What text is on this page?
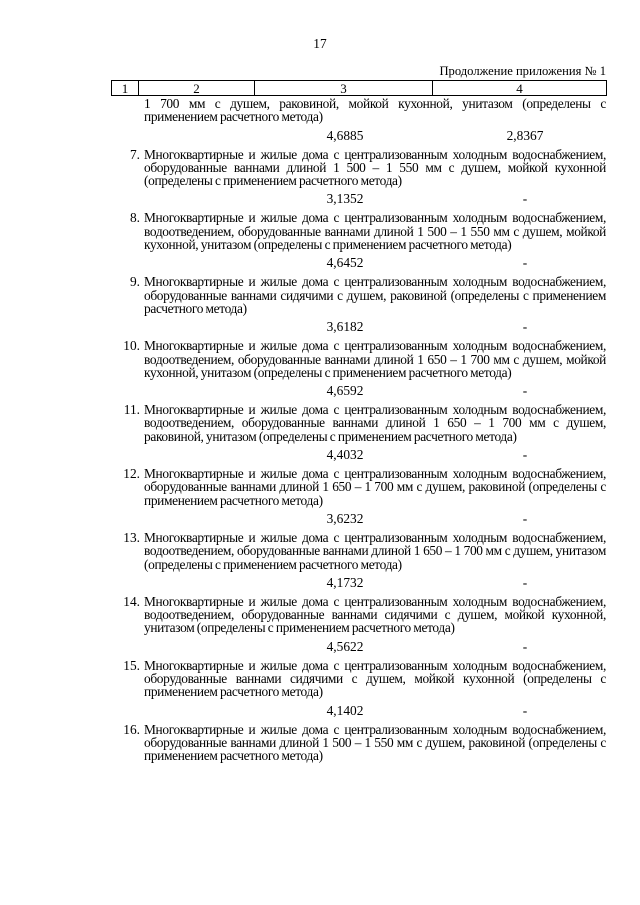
17
Продолжение приложения № 1
1	2	3	4
1 700 мм с душем, раковиной, мойкой кухонной, унитазом (определены с применением расчетного метода)
4,6885	2,8367
7. Многоквартирные и жилые дома с централизованным холодным водоснабжением, оборудованные ваннами длиной 1 500 – 1 550 мм с душем, мойкой кухонной (определены с применением расчетного метода)
3,1352	-
8. Многоквартирные и жилые дома с централизованным холодным водоснабжением, водоотведением, оборудованные ваннами длиной 1 500 – 1 550 мм с душем, мойкой кухонной, унитазом (определены с применением расчетного метода)
4,6452	-
9. Многоквартирные и жилые дома с централизованным холодным водоснабжением, оборудованные ваннами сидячими с душем, раковиной (определены с применением расчетного метода)
3,6182	-
10. Многоквартирные и жилые дома с централизованным холодным водоснабжением, водоотведением, оборудованные ваннами длиной 1 650 – 1 700 мм с душем, мойкой кухонной, унитазом (определены с применением расчетного метода)
4,6592	-
11. Многоквартирные и жилые дома с централизованным холодным водоснабжением, водоотведением, оборудованные ваннами длиной 1 650 – 1 700 мм с душем, раковиной, унитазом (определены с применением расчетного метода)
4,4032	-
12. Многоквартирные и жилые дома с централизованным холодным водоснабжением, оборудованные ваннами длиной 1 650 – 1 700 мм с душем, раковиной (определены с применением расчетного метода)
3,6232	-
13. Многоквартирные и жилые дома с централизованным холодным водоснабжением, водоотведением, оборудованные ваннами длиной 1 650 – 1 700 мм с душем, унитазом (определены с применением расчетного метода)
4,1732	-
14. Многоквартирные и жилые дома с централизованным холодным водоснабжением, водоотведением, оборудованные ваннами сидячими с душем, мойкой кухонной, унитазом (определены с применением расчетного метода)
4,5622	-
15. Многоквартирные и жилые дома с централизованным холодным водоснабжением, оборудованные ваннами сидячими с душем, мойкой кухонной (определены с применением расчетного метода)
4,1402	-
16. Многоквартирные и жилые дома с централизованным холодным водоснабжением, оборудованные ваннами длиной 1 500 – 1 550 мм с душем, раковиной (определены с применением расчетного метода)
